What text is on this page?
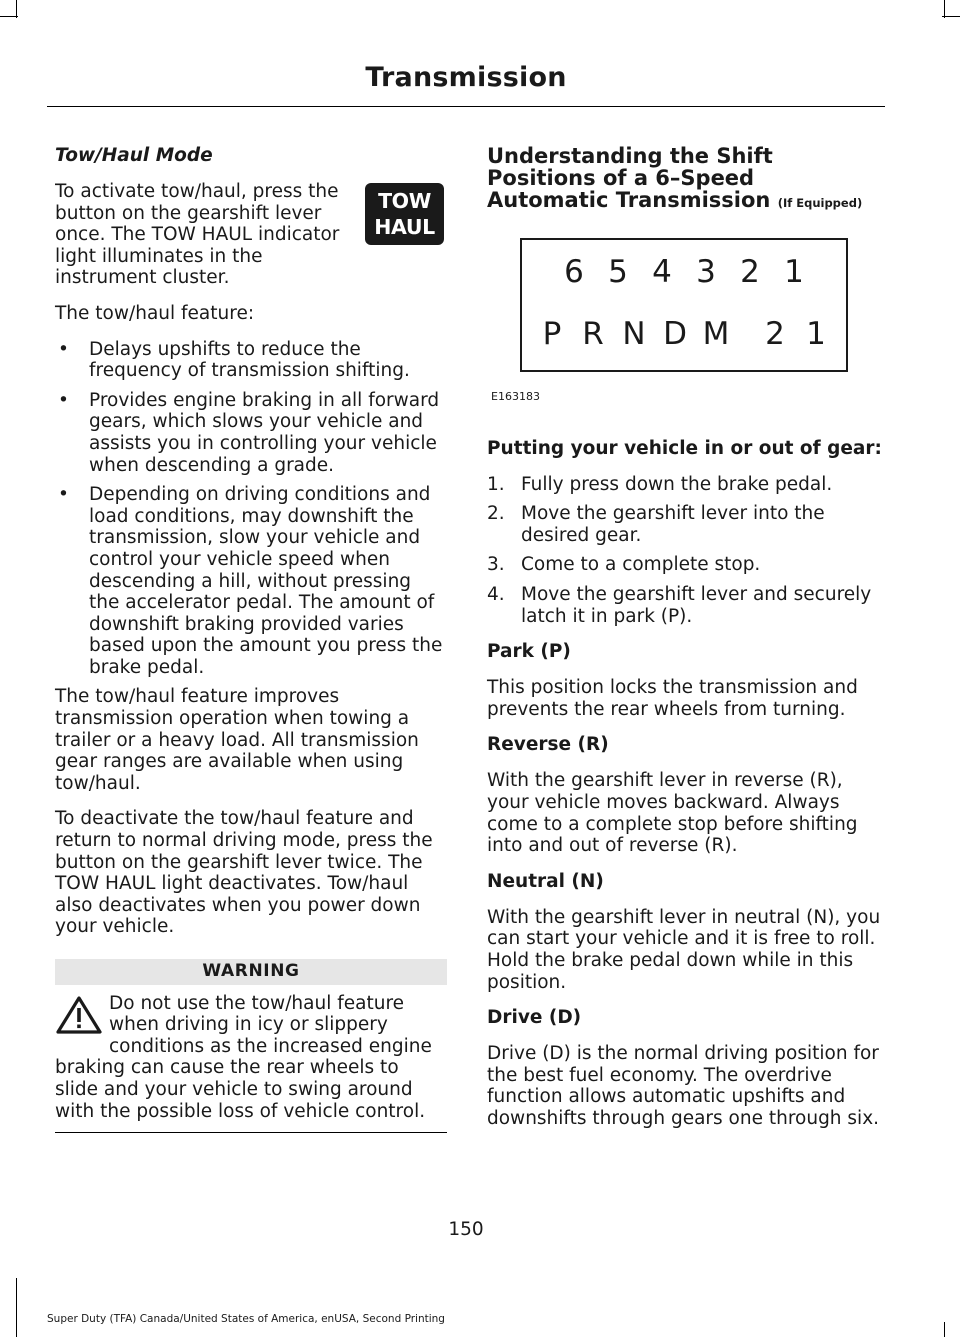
Transmission
Tow/Haul Mode
TOW
HAUL
To activate tow/haul, press the button on the gearshift lever once. The TOW HAUL indicator light illuminates in the instrument cluster.

The tow/haul feature:

• Delays upshifts to reduce the frequency of transmission shifting.
• Provides engine braking in all forward gears, which slows your vehicle and assists you in controlling your vehicle when descending a grade.
• Depending on driving conditions and load conditions, may downshift the transmission, slow your vehicle and control your vehicle speed when descending a hill, without pressing the accelerator pedal. The amount of downshift braking provided varies based upon the amount you press the brake pedal.

The tow/haul feature improves transmission operation when towing a trailer or a heavy load. All transmission gear ranges are available when using tow/haul.

To deactivate the tow/haul feature and return to normal driving mode, press the button on the gearshift lever twice. The TOW HAUL light deactivates. Tow/haul also deactivates when you power down your vehicle.

WARNING
Do not use the tow/haul feature when driving in icy or slippery conditions as the increased engine braking can cause the rear wheels to slide and your vehicle to swing around with the possible loss of vehicle control.
Understanding the Shift Positions of a 6–Speed Automatic Transmission (If Equipped)
6 5 4 3 2 1
P R N D M 2 1
E163183
Putting your vehicle in or out of gear:
1. Fully press down the brake pedal.
2. Move the gearshift lever into the desired gear.
3. Come to a complete stop.
4. Move the gearshift lever and securely latch it in park (P).
Park (P)

This position locks the transmission and prevents the rear wheels from turning.

Reverse (R)

With the gearshift lever in reverse (R), your vehicle moves backward. Always come to a complete stop before shifting into and out of reverse (R).

Neutral (N)

With the gearshift lever in neutral (N), you can start your vehicle and it is free to roll. Hold the brake pedal down while in this position.

Drive (D)

Drive (D) is the normal driving position for the best fuel economy. The overdrive function allows automatic upshifts and downshifts through gears one through six.

150
Super Duty (TFA) Canada/United States of America, enUSA, Second Printing
